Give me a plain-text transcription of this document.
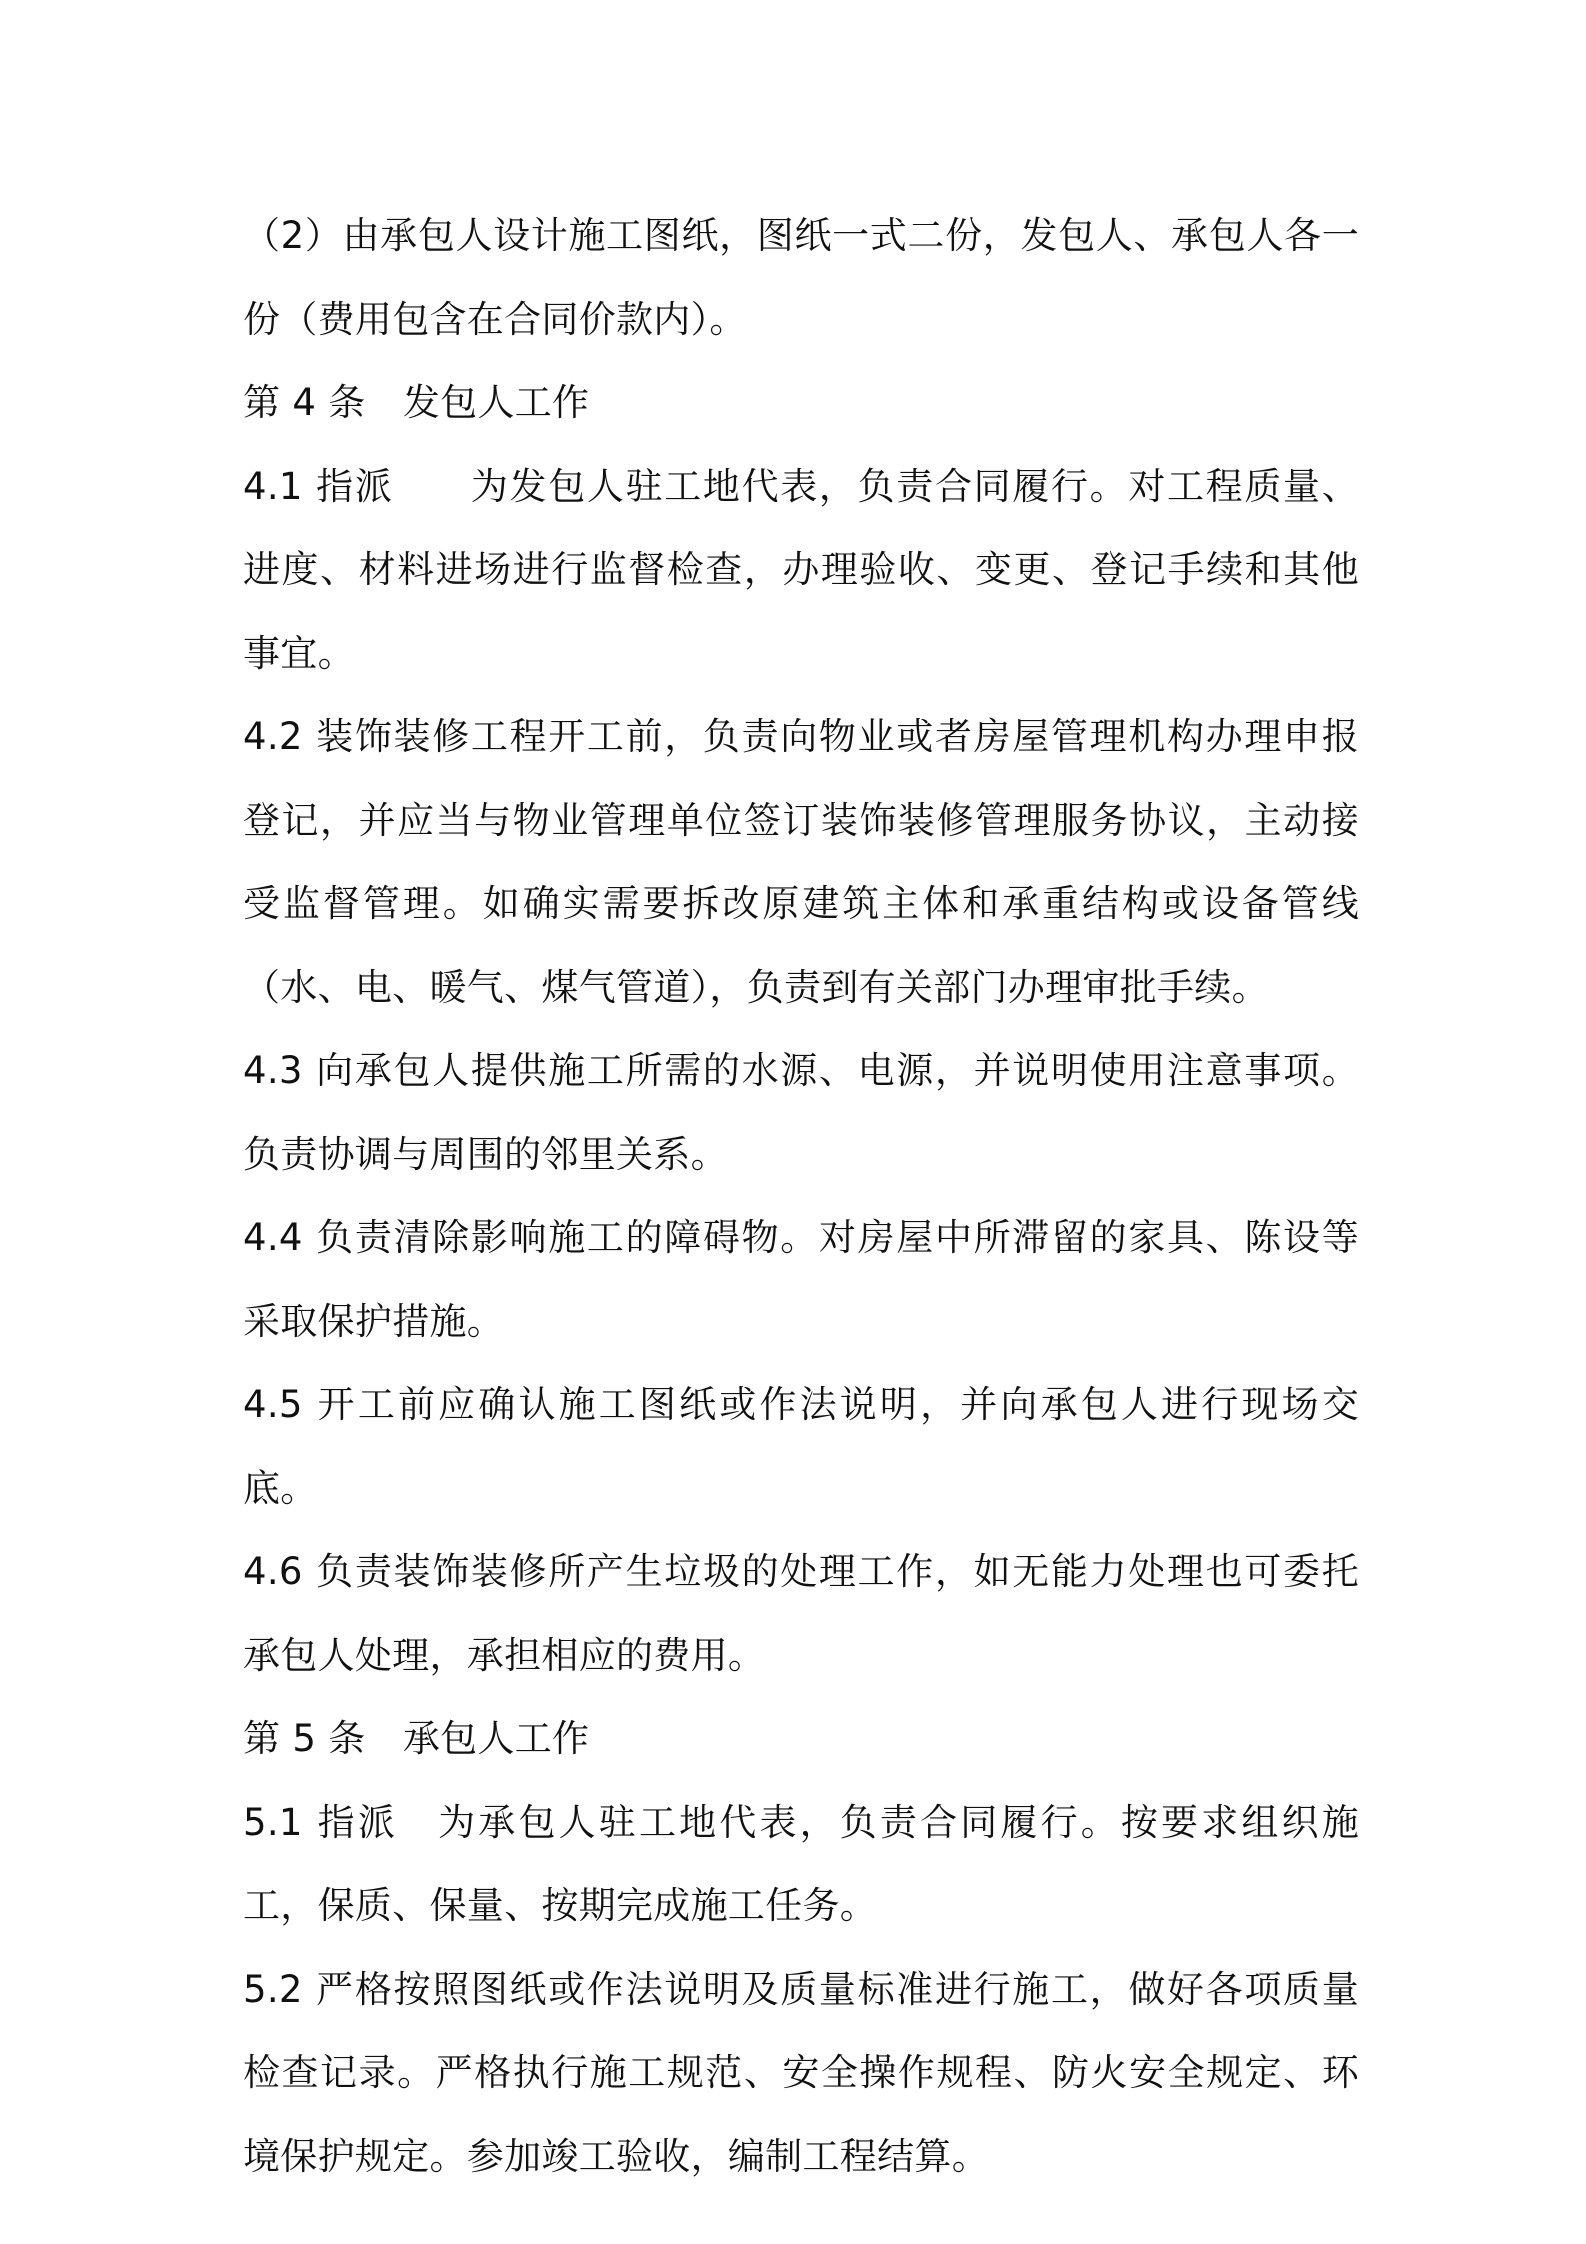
（2）由承包人设计施工图纸，图纸一式二份，发包人、承包人各一份（费用包含在合同价款内）。

第 4 条　发包人工作

4.1 指派　　为发包人驻工地代表，负责合同履行。对工程质量、进度、材料进场进行监督检查，办理验收、变更、登记手续和其他事宜。

4.2 装饰装修工程开工前，负责向物业或者房屋管理机构办理申报登记，并应当与物业管理单位签订装饰装修管理服务协议，主动接受监督管理。如确实需要拆改原建筑主体和承重结构或设备管线（水、电、暖气、煤气管道），负责到有关部门办理审批手续。

4.3 向承包人提供施工所需的水源、电源，并说明使用注意事项。负责协调与周围的邻里关系。

4.4 负责清除影响施工的障碍物。对房屋中所滞留的家具、陈设等采取保护措施。

4.5 开工前应确认施工图纸或作法说明，并向承包人进行现场交底。

4.6 负责装饰装修所产生垃圾的处理工作，如无能力处理也可委托承包人处理，承担相应的费用。

第 5 条　承包人工作

5.1 指派　为承包人驻工地代表，负责合同履行。按要求组织施工，保质、保量、按期完成施工任务。

5.2 严格按照图纸或作法说明及质量标准进行施工，做好各项质量检查记录。严格执行施工规范、安全操作规程、防火安全规定、环境保护规定。参加竣工验收，编制工程结算。
